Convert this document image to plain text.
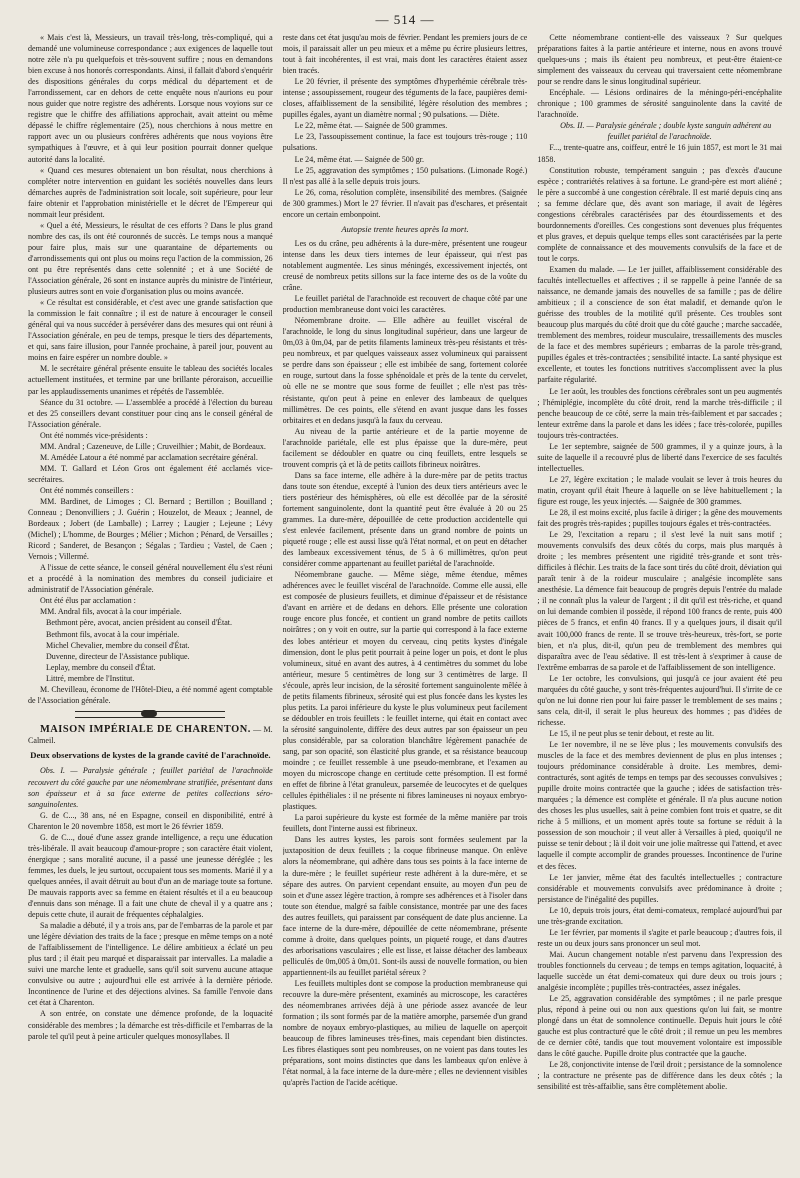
— 514 —

« Mais c'est là, Messieurs, un travail très-long, très-compliqué, qui a demandé une volumineuse correspondance ; aux exigences de laquelle tout notre zèle n'a pu quelquefois et très-souvent suffire ; nous en demandons bien excuse à nos honorés correspondants. Ainsi, il fallait d'abord s'enquérir des dispositions générales du corps médical du département et de l'arrondissement, car en dehors de cette enquête nous n'aurions eu pour nous guider que notre registre des adhérents. Lorsque nous voyions sur ce registre que le chiffre des affiliations approchait, avait atteint ou même dépassé le chiffre réglementaire (25), nous cherchions à nous mettre en rapport avec un ou plusieurs confrères adhérents que nous voyions être sympathiques à l'œuvre, et à qui leur position pourrait donner quelque autorité dans la localité.

« Quand ces mesures obtenaient un bon résultat, nous cherchions à compléter notre intervention en guidant les sociétés nouvelles dans leurs démarches auprès de l'administration soit locale, soit supérieure, pour leur faire obtenir et l'approbation ministérielle et le décret de l'Empereur qui nommait leur président.

« Quel a été, Messieurs, le résultat de ces efforts ? Dans le plus grand nombre des cas, ils ont été couronnés de succès. Le temps nous a manqué pour faire plus, mais sur une quarantaine de départements ou d'arrondissements qui ont plus ou moins reçu l'action de la commission, 26 ont pu être représentés dans cette solennité ; et à une Société de l'Association générale, 26 sont en instance auprès du ministre de l'intérieur, plusieurs autres sont en voie d'organisation plus ou moins avancée.

« Ce résultat est considérable, et c'est avec une grande satisfaction que la commission le fait connaître ; il est de nature à encourager le conseil général qui va nous succéder à persévérer dans des mesures qui ont réuni à l'Association générale, en peu de temps, presque le tiers des départements, et qui, sans faire illusion, pour l'année prochaine, à pareil jour, pouvent au moins en faire espérer un nombre double. »

M. le secrétaire général présente ensuite le tableau des sociétés locales actuellement instituées, et termine par une brillante péroraison, accueillie par les applaudissements unanimes et répétés de l'assemblée.

Séance du 31 octobre. — L'assemblée a procédé à l'élection du bureau et des 25 conseillers devant constituer pour cinq ans le conseil général de l'Association générale.

Ont été nommés vice-présidents :

MM. Andral ; Cazeneuve, de Lille ; Cruveilhier ; Mabit, de Bordeaux.

M. Amédée Latour a été nommé par acclamation secrétaire général.

MM. T. Gallard et Léon Gros ont également été acclamés vice-secrétaires.

Ont été nommés conseillers :

MM. Bardinet, de Limoges ; Cl. Bernard ; Bertillon ; Bouilland ; Conneau ; Denonvilliers ; J. Guérin ; Houzelot, de Meaux ; Jeannel, de Bordeaux ; Jobert (de Lamballe) ; Larrey ; Laugier ; Lejeune ; Lévy (Michel) ; L'homme, de Bourges ; Mélier ; Michon ; Pénard, de Versailles ; Ricord ; Sanderet, de Besançon ; Ségalas ; Tardieu ; Vastel, de Caen ; Vernois ; Villermé.

A l'issue de cette séance, le conseil général nouvellement élu s'est réuni et a procédé à la nomination des membres du conseil judiciaire et administratif de l'Association générale.

Ont été élus par acclamation :

MM. Andral fils, avocat à la cour impériale.

Bethmont père, avocat, ancien président au conseil d'État.

Bethmont fils, avocat à la cour impériale.

Michel Chevalier, membre du conseil d'État.

Duvenne, directeur de l'Assistance publique.

Leplay, membre du conseil d'État.

Littré, membre de l'Institut.

M. Chevilleau, économe de l'Hôtel-Dieu, a été nommé agent comptable de l'Association générale.

MAISON IMPÉRIALE DE CHARENTON. — M. Calmeil.

Deux observations de kystes de la grande cavité de l'arachnoïde.

Obs. I. — Paralysie générale ; feuillet pariétal de l'arachnoïde recouvert du côté gauche par une néomembrane stratifiée, présentant dans son épaisseur et à sa face externe de petites collections séro-sanguinolentes.

G. de C..., 38 ans, né en Espagne, conseil en disponibilité, entré à Charenton le 20 novembre 1858, est mort le 26 février 1859.

G. de C..., doué d'une assez grande intelligence, a reçu une éducation très-libérale. Il avait beaucoup d'amour-propre ; son caractère était violent, énergique ; sans moralité aucune, il a passé une jeunesse déréglée ; les femmes, les duels, le jeu surtout, occupaient tous ses moments. Marié il y a quelques années, il avait détruit au bout d'un an de mariage toute sa fortune. De mauvais rapports avec sa femme en étaient résultés et il a eu beaucoup d'ennuis dans son ménage. Il a fait une chute de cheval il y a quatre ans ; depuis cette chute, il aurait de fréquentes céphalalgies.

Sa maladie a débuté, il y a trois ans, par de l'embarras de la parole et par une légère déviation des traits de la face ; presque en même temps on a noté de l'affaiblissement de l'intelligence. Le délire ambitieux a éclaté un peu plus tard ; il était peu marqué et disparaissait par intervalles. La maladie a suivi une marche lente et graduelle, sans qu'il soit survenu aucune attaque convulsive ou autre ; aujourd'hui elle est arrivée à la dernière période. Incontinence de l'urine et des déjections alvines. Sa famille l'envoie dans cet état à Charenton.

A son entrée, on constate une démence profonde, de la loquacité considérable des membres ; la démarche est très-difficile et l'embarras de la parole tel qu'il peut à peine articuler quelques monosyllabes. Il

reste dans cet état jusqu'au mois de février. Pendant les premiers jours de ce mois, il paraissait aller un peu mieux et a même pu écrire plusieurs lettres, tout à fait incohérentes, il est vrai, mais dont les caractères étaient assez bien tracés.

Le 20 février, il présente des symptômes d'hyperhémie cérébrale très-intense ; assoupissement, rougeur des téguments de la face, paupières demi-closes, affaiblissement de la sensibilité, légère résolution des membres ; pupilles égales, ayant un diamètre normal ; 90 pulsations. — Diète.

Le 22, même état. — Saignée de 500 grammes.

Le 23, l'assoupissement continue, la face est toujours très-rouge ; 110 pulsations.

Le 24, même état. — Saignée de 500 gr.

Le 25, aggravation des symptômes ; 150 pulsations. (Limonade Rogé.) Il n'est pas allé à la selle depuis trois jours.

Le 26, coma, résolution complète, insensibilité des membres. (Saignée de 300 grammes.) Mort le 27 février. Il n'avait pas d'eschares, et présentait encore un certain embonpoint.

Autopsie trente heures après la mort.

Les os du crâne, peu adhérents à la dure-mère, présentent une rougeur intense dans les deux tiers internes de leur épaisseur, qui n'est pas notablement augmentée. Les sinus méningés, excessivement injectés, ont creusé de nombreux petits sillons sur la face interne des os de la voûte du crâne.

Le feuillet pariétal de l'arachnoïde est recouvert de chaque côté par une production membraneuse dont voici les caractères.

Néomembrane droite. — Elle adhère au feuillet viscéral de l'arachnoïde, le long du sinus longitudinal supérieur, dans une largeur de 0m,03 à 0m,04, par de petits filaments lamineux très-peu résistants et très-peu nombreux, et par quelques vaisseaux assez volumineux qui paraissent se perdre dans son épaisseur ; elle est imbibée de sang, fortement colorée en rouge, surtout dans la fosse sphénoïdale et près de la tente du cervelet, où elle ne se montre que sous forme de feuillet ; elle n'est pas très-résistante, qu'on peut à peine en enlever des lambeaux de quelques millimètres. De ces points, elle s'étend en avant jusque dans les fosses orbitaires et en dedans jusqu'à la faux du cerveau.

Au niveau de la partie antérieure et de la partie moyenne de l'arachnoïde pariétale, elle est plus épaisse que la dure-mère, peut facilement se dédoubler en quatre ou cinq feuillets, entre lesquels se trouvent compris çà et là de petits caillots fibrineux noirâtres.

Dans sa face interne, elle adhère à la dure-mère par de petits tractus dans toute son étendue, excepté à l'union des deux tiers antérieurs avec le tiers postérieur des hémisphères, où elle est décollée par de la sérosité fortement sanguinolente, dont la quantité peut être évaluée à 20 ou 25 grammes. La dure-mère, dépouillée de cette production accidentelle qui s'est enlevée facilement, présente dans un grand nombre de points un piqueté rouge ; elle est aussi lisse qu'à l'état normal, et on peut en détacher des lambeaux excessivement ténus, de 5 à 6 millimètres, qu'on peut considérer comme appartenant au feuillet pariétal de l'arachnoïde.

Néomembrane gauche. — Même siège, même étendue, mêmes adhérences avec le feuillet viscéral de l'arachnoïde. Comme elle aussi, elle est composée de plusieurs feuillets, et diminue d'épaisseur et de résistance d'avant en arrière et de dedans en dehors. Elle présente une coloration rouge encore plus foncée, et contient un grand nombre de petits caillots noirâtres ; on y voit en outre, sur la partie qui correspond à la face externe des lobes antérieur et moyen du cerveau, cinq petits kystes d'inégale dimension, dont le plus petit pourrait à peine loger un pois, et dont le plus volumineux, situé en avant des autres, à 4 centimètres du sommet du lobe antérieur, mesure 5 centimètres de long sur 3 centimètres de large. Il s'écoule, après leur incision, de la sérosité fortement sanguinolente mêlée à de petits filaments fibrineux, sérosité qui est plus foncée dans les kystes les plus petits. La paroi inférieure du kyste le plus volumineux peut facilement se dédoubler en trois feuillets : le feuillet interne, qui était en contact avec la sérosité sanguinolente, diffère des deux autres par son épaisseur un peu plus considérable, par sa coloration blanchâtre légèrement panachée de sang, par son opacité, son élasticité plus grande, et sa résistance beaucoup moindre ; ce feuillet ressemble à une pseudo-membrane, et l'examen au moyen du microscope change en certitude cette présomption. Il est formé en effet de fibrine à l'état granuleux, parsemée de leucocytes et de quelques cellules épithéliales : il ne présente ni fibres lamineuses ni noyaux embryo-plastiques.

La paroi supérieure du kyste est formée de la même manière par trois feuillets, dont l'interne aussi est fibrineux.

Dans les autres kystes, les parois sont formées seulement par la juxtaposition de deux feuillets ; la coque fibrineuse manque. On enlève alors la néomembrane, qui adhère dans tous ses points à la face interne de la dure-mère ; le feuillet supérieur reste adhérent à la dure-mère, et se sépare des autres. On parvient cependant ensuite, au moyen d'un peu de soin et d'une assez légère traction, à rompre ses adhérences et à l'isoler dans toute son étendue, malgré sa faible consistance, montrée par une des faces des autres feuillets, qui paraissent par conséquent de date plus ancienne. La face interne de la dure-mère, dépouillée de cette néomembrane, présente comme à droite, dans quelques points, un piqueté rouge, et dans d'autres des arborisations vasculaires ; elle est lisse, et laisse détacher des lambeaux pelliculés de 0m,005 à 0m,01. Sont-ils aussi de nouvelle formation, ou bien appartiennent-ils au feuillet pariétal séreux ?

Les feuillets multiples dont se compose la production membraneuse qui recouvre la dure-mère présentent, examinés au microscope, les caractères des néomembranes arrivées déjà à une période assez avancée de leur formation ; ils sont formés par de la matière amorphe, parsemée d'un grand nombre de noyaux embryo-plastiques, au milieu de laquelle on aperçoit beaucoup de fibres lamineuses très-fines, mais cependant bien distinctes. Les fibres élastiques sont peu nombreuses, on ne voient pas dans toutes les préparations, sont moins distinctes que dans les lambeaux qu'on enlève à l'état normal, à la face interne de la dure-mère ; elles ne deviennent visibles qu'après l'action de l'acide acétique.

Cette néomembrane contient-elle des vaisseaux ? Sur quelques préparations faites à la partie antérieure et interne, nous en avons trouvé quelques-uns ; mais ils étaient peu nombreux, et peut-être étaient-ce simplement des vaisseaux du cerveau qui traversaient cette néomembrane pour se rendre dans le sinus longitudinal supérieur.

Encéphale. — Lésions ordinaires de la méningo-péri-encéphalite chronique ; 100 grammes de sérosité sanguinolente dans la cavité de l'arachnoïde.

Obs. II. — Paralysie générale ; double kyste sanguin adhérent au feuillet pariétal de l'arachnoïde.

F..., trente-quatre ans, coiffeur, entré le 16 juin 1857, est mort le 31 mai 1858.

Constitution robuste, tempérament sanguin ; pas d'excès d'aucune espèce ; contrariétés relatives à sa fortune. Le grand-père est mort aliéné ; le père a succombé à une congestion cérébrale. Il est marié depuis cinq ans ; sa femme déclare que, dès avant son mariage, il avait de légères congestions cérébrales caractérisées par des étourdissements et des bourdonnements d'oreilles. Ces congestions sont devenues plus fréquentes et plus graves, et depuis quelque temps elles sont caractérisées par la perte complète de connaissance et des mouvements convulsifs de la face et de tout le corps.

Examen du malade. — Le 1er juillet, affaiblissement considérable des facultés intellectuelles et affectives ; il se rappelle à peine l'année de sa naissance, ne demande jamais des nouvelles de sa famille ; pas de délire ambitieux ; il a conscience de son état maladif, et demande qu'on le guérisse des troubles de la motilité qu'il présente. Ces troubles sont beaucoup plus marqués du côté droit que du côté gauche ; marche saccadée, tremblement des membres, roideur musculaire, tressaillements des muscles de la face et des membres supérieurs ; embarras de la parole très-grand, pupilles égales et très-contractées ; sensibilité intacte. La santé physique est excellente, et toutes les fonctions nutritives s'accomplissent avec la plus parfaite régularité.

Le 1er août, les troubles des fonctions cérébrales sont un peu augmentés ; l'hémiplégie, incomplète du côté droit, rend la marche très-difficile ; il penche beaucoup de ce côté, serre la main très-faiblement et par saccades ; lenteur extrême dans la parole et dans les idées ; face très-colorée, pupilles toujours très-contractées.

Le 1er septembre, saignée de 500 grammes, il y a quinze jours, à la suite de laquelle il a recouvré plus de liberté dans l'exercice de ses facultés intellectuelles.

Le 27, légère excitation ; le malade voulait se lever à trois heures du matin, croyant qu'il était l'heure à laquelle on se lève habituellement ; la figure est rouge, les yeux injectés. — Saignée de 300 grammes.

Le 28, il est moins excité, plus facile à diriger ; la gêne des mouvements fait des progrès très-rapides ; pupilles toujours égales et très-contractées.

Le 29, l'excitation a reparu ; il s'est levé la nuit sans motif ; mouvements convulsifs des deux côtés du corps, mais plus marqués à droite ; les membres présentent une rigidité très-grande et sont très-difficiles à fléchir. Les traits de la face sont tirés du côté droit, déviation qui paraît tenir à de la roideur musculaire ; analgésie incomplète sans anesthésie. La démence fait beaucoup de progrès depuis l'entrée du malade ; il ne connaît plus la valeur de l'argent ; il dit qu'il est très-riche, et quand on lui demande combien il possède, il répond 100 francs de rente, puis 400 pièces de 5 francs, et enfin 40 francs. Il y a quelques jours, il disait qu'il avait 100,000 francs de rente. Il se trouve très-heureux, très-fort, se porte bien, et n'a plus, dit-il, qu'un peu de tremblement des membres qui disparaîtra avec de l'eau sédative. Il est très-lent à s'exprimer à cause de l'extrême embarras de sa parole et de l'affaiblissement de son intelligence.

Le 1er octobre, les convulsions, qui jusqu'à ce jour avaient été peu marquées du côté gauche, y sont très-fréquentes aujourd'hui. Il s'irrite de ce qu'on ne lui donne rien pour lui faire passer le tremblement de ses mains ; sans cela, dit-il, il serait le plus heureux des hommes ; pas d'idées de richesse.

Le 15, il ne peut plus se tenir debout, et reste au lit.

Le 1er novembre, il ne se lève plus ; les mouvements convulsifs des muscles de la face et des membres deviennent de plus en plus intenses ; toujours prédominance considérable à droite. Les membres, demi-contracturés, sont agités de temps en temps par des secousses convulsives ; pupille droite moins contractée que la gauche ; idées de satisfaction très-marquées ; la démence est complète et générale. Il n'a plus aucune notion des choses les plus usuelles, sait à peine combien font trois et quatre, se dit riche à 5 millions, et un moment après toute sa fortune se réduit à la possession de son mouchoir ; il veut aller à Versailles à pied, quoiqu'il ne puisse se tenir debout ; là il doit voir une jolie maîtresse qui l'attend, et avec laquelle il compte accomplir de grandes prouesses. Incontinence de l'urine et des fèces.

Le 1er janvier, même état des facultés intellectuelles ; contracture considérable et mouvements convulsifs avec prédominance à droite ; persistance de l'inégalité des pupilles.

Le 10, depuis trois jours, état demi-comateux, remplacé aujourd'hui par une très-grande excitation.

Le 1er février, par moments il s'agite et parle beaucoup ; d'autres fois, il reste un ou deux jours sans prononcer un seul mot.

Mai. Aucun changement notable n'est parvenu dans l'expression des troubles fonctionnels du cerveau ; de temps en temps agitation, loquacité, à laquelle succède un état demi-comateux qui dure deux ou trois jours ; analgésie incomplète ; pupilles très-contractées, assez inégales.

Le 25, aggravation considérable des symptômes ; il ne parle presque plus, répond à peine oui ou non aux questions qu'on lui fait, se montre plongé dans un état de somnolence continuelle. Depuis huit jours le côté gauche est plus contracturé que le côté droit ; il remue un peu les membres de ce dernier côté, tandis que tout mouvement volontaire est impossible dans le côté gauche. Pupille droite plus contractée que la gauche.

Le 28, conjonctivite intense de l'œil droit ; persistance de la somnolence ; la contracture ne présente pas de différence dans les deux côtés ; la sensibilité est très-affaiblie, sans être complètement abolie.
